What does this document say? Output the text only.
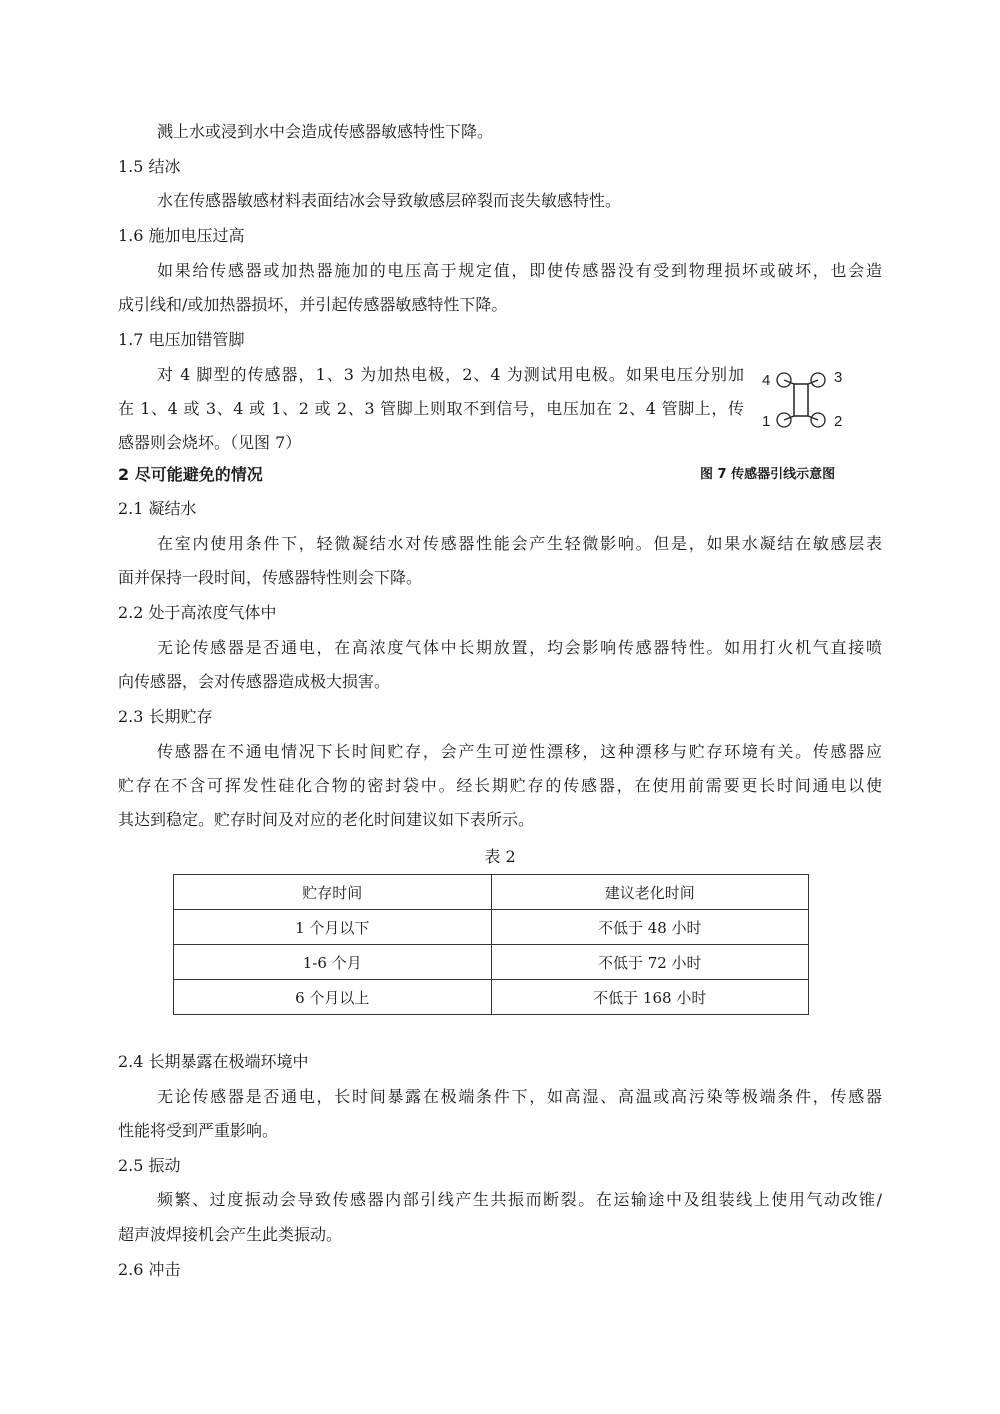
溅上水或浸到水中会造成传感器敏感特性下降。
1.5 结冰
水在传感器敏感材料表面结冰会导致敏感层碎裂而丧失敏感特性。
1.6 施加电压过高
如果给传感器或加热器施加的电压高于规定值，即使传感器没有受到物理损坏或破坏，也会造
成引线和/或加热器损坏，并引起传感器敏感特性下降。
1.7 电压加错管脚
对 4 脚型的传感器，1、3 为加热电极，2、4 为测试用电极。如果电压分别加
在 1、4 或 3、4 或 1、2 或 2、3 管脚上则取不到信号，电压加在 2、4 管脚上，传
感器则会烧坏。（见图 7）
4	3
1	2
图 7 传感器引线示意图
2 尽可能避免的情况
2.1 凝结水
在室内使用条件下，轻微凝结水对传感器性能会产生轻微影响。但是，如果水凝结在敏感层表
面并保持一段时间，传感器特性则会下降。
2.2 处于高浓度气体中
无论传感器是否通电，在高浓度气体中长期放置，均会影响传感器特性。如用打火机气直接喷
向传感器，会对传感器造成极大损害。
2.3 长期贮存
传感器在不通电情况下长时间贮存，会产生可逆性漂移，这种漂移与贮存环境有关。传感器应
贮存在不含可挥发性硅化合物的密封袋中。经长期贮存的传感器，在使用前需要更长时间通电以使
其达到稳定。贮存时间及对应的老化时间建议如下表所示。
表 2
贮存时间	建议老化时间
1 个月以下	不低于 48 小时
1-6 个月	不低于 72 小时
6 个月以上	不低于 168 小时
2.4 长期暴露在极端环境中
无论传感器是否通电，长时间暴露在极端条件下，如高湿、高温或高污染等极端条件，传感器
性能将受到严重影响。
2.5 振动
频繁、过度振动会导致传感器内部引线产生共振而断裂。在运输途中及组装线上使用气动改锥/
超声波焊接机会产生此类振动。
2.6 冲击
